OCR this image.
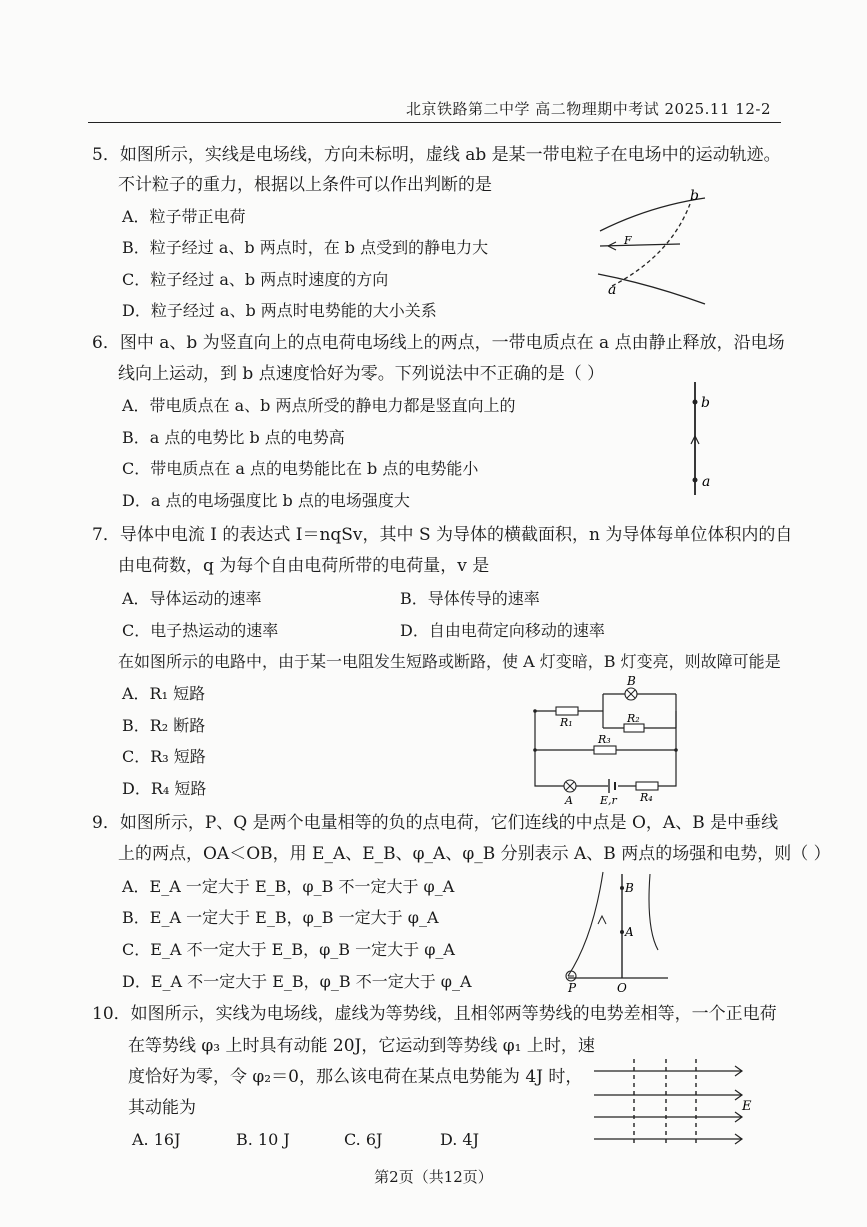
北京铁路第二中学 高二物理期中考试 2025.11 12-2
5．如图所示，实线是电场线，方向未标明，虚线 ab 是某一带电粒子在电场中的运动轨迹。
不计粒子的重力，根据以上条件可以作出判断的是
A．粒子带正电荷
B．粒子经过 a、b 两点时，在 b 点受到的静电力大
C．粒子经过 a、b 两点时速度的方向
D．粒子经过 a、b 两点时电势能的大小关系
b
a
F
6．图中 a、b 为竖直向上的点电荷电场线上的两点，一带电质点在 a 点由静止释放，沿电场
线向上运动，到 b 点速度恰好为零。下列说法中不正确的是（ ）
A．带电质点在 a、b 两点所受的静电力都是竖直向上的
B．a 点的电势比 b 点的电势高
C．带电质点在 a 点的电势能比在 b 点的电势能小
D．a 点的电场强度比 b 点的电场强度大
b
a
7．导体中电流 I 的表达式 I＝nqSv，其中 S 为导体的横截面积，n 为导体每单位体积内的自
由电荷数，q 为每个自由电荷所带的电荷量，v 是
A．导体运动的速率	B．导体传导的速率
C．电子热运动的速率	D．自由电荷定向移动的速率
在如图所示的电路中，由于某一电阻发生短路或断路，使 A 灯变暗，B 灯变亮，则故障可能是
A．R₁ 短路
B．R₂ 断路
C．R₃ 短路
D．R₄ 短路
B
R₁	R₂
R₃
A E,r R₄
9．如图所示，P、Q 是两个电量相等的负的点电荷，它们连线的中点是 O，A、B 是中垂线
上的两点，OA＜OB，用 E_A、E_B、φ_A、φ_B 分别表示 A、B 两点的场强和电势，则（ ）
A．E_A 一定大于 E_B，φ_B 不一定大于 φ_A
B．E_A 一定大于 E_B，φ_B 一定大于 φ_A
C．E_A 不一定大于 E_B，φ_B 一定大于 φ_A
D．E_A 不一定大于 E_B，φ_B 不一定大于 φ_A
B
A
P	O
10．如图所示，实线为电场线，虚线为等势线，且相邻两等势线的电势差相等，一个正电荷
在等势线 φ₃ 上时具有动能 20J，它运动到等势线 φ₁ 上时，速
度恰好为零，令 φ₂＝0，那么该电荷在某点电势能为 4J 时，
其动能为
A. 16J	B. 10 J	C. 6J	D. 4J
E
第2页（共12页）
